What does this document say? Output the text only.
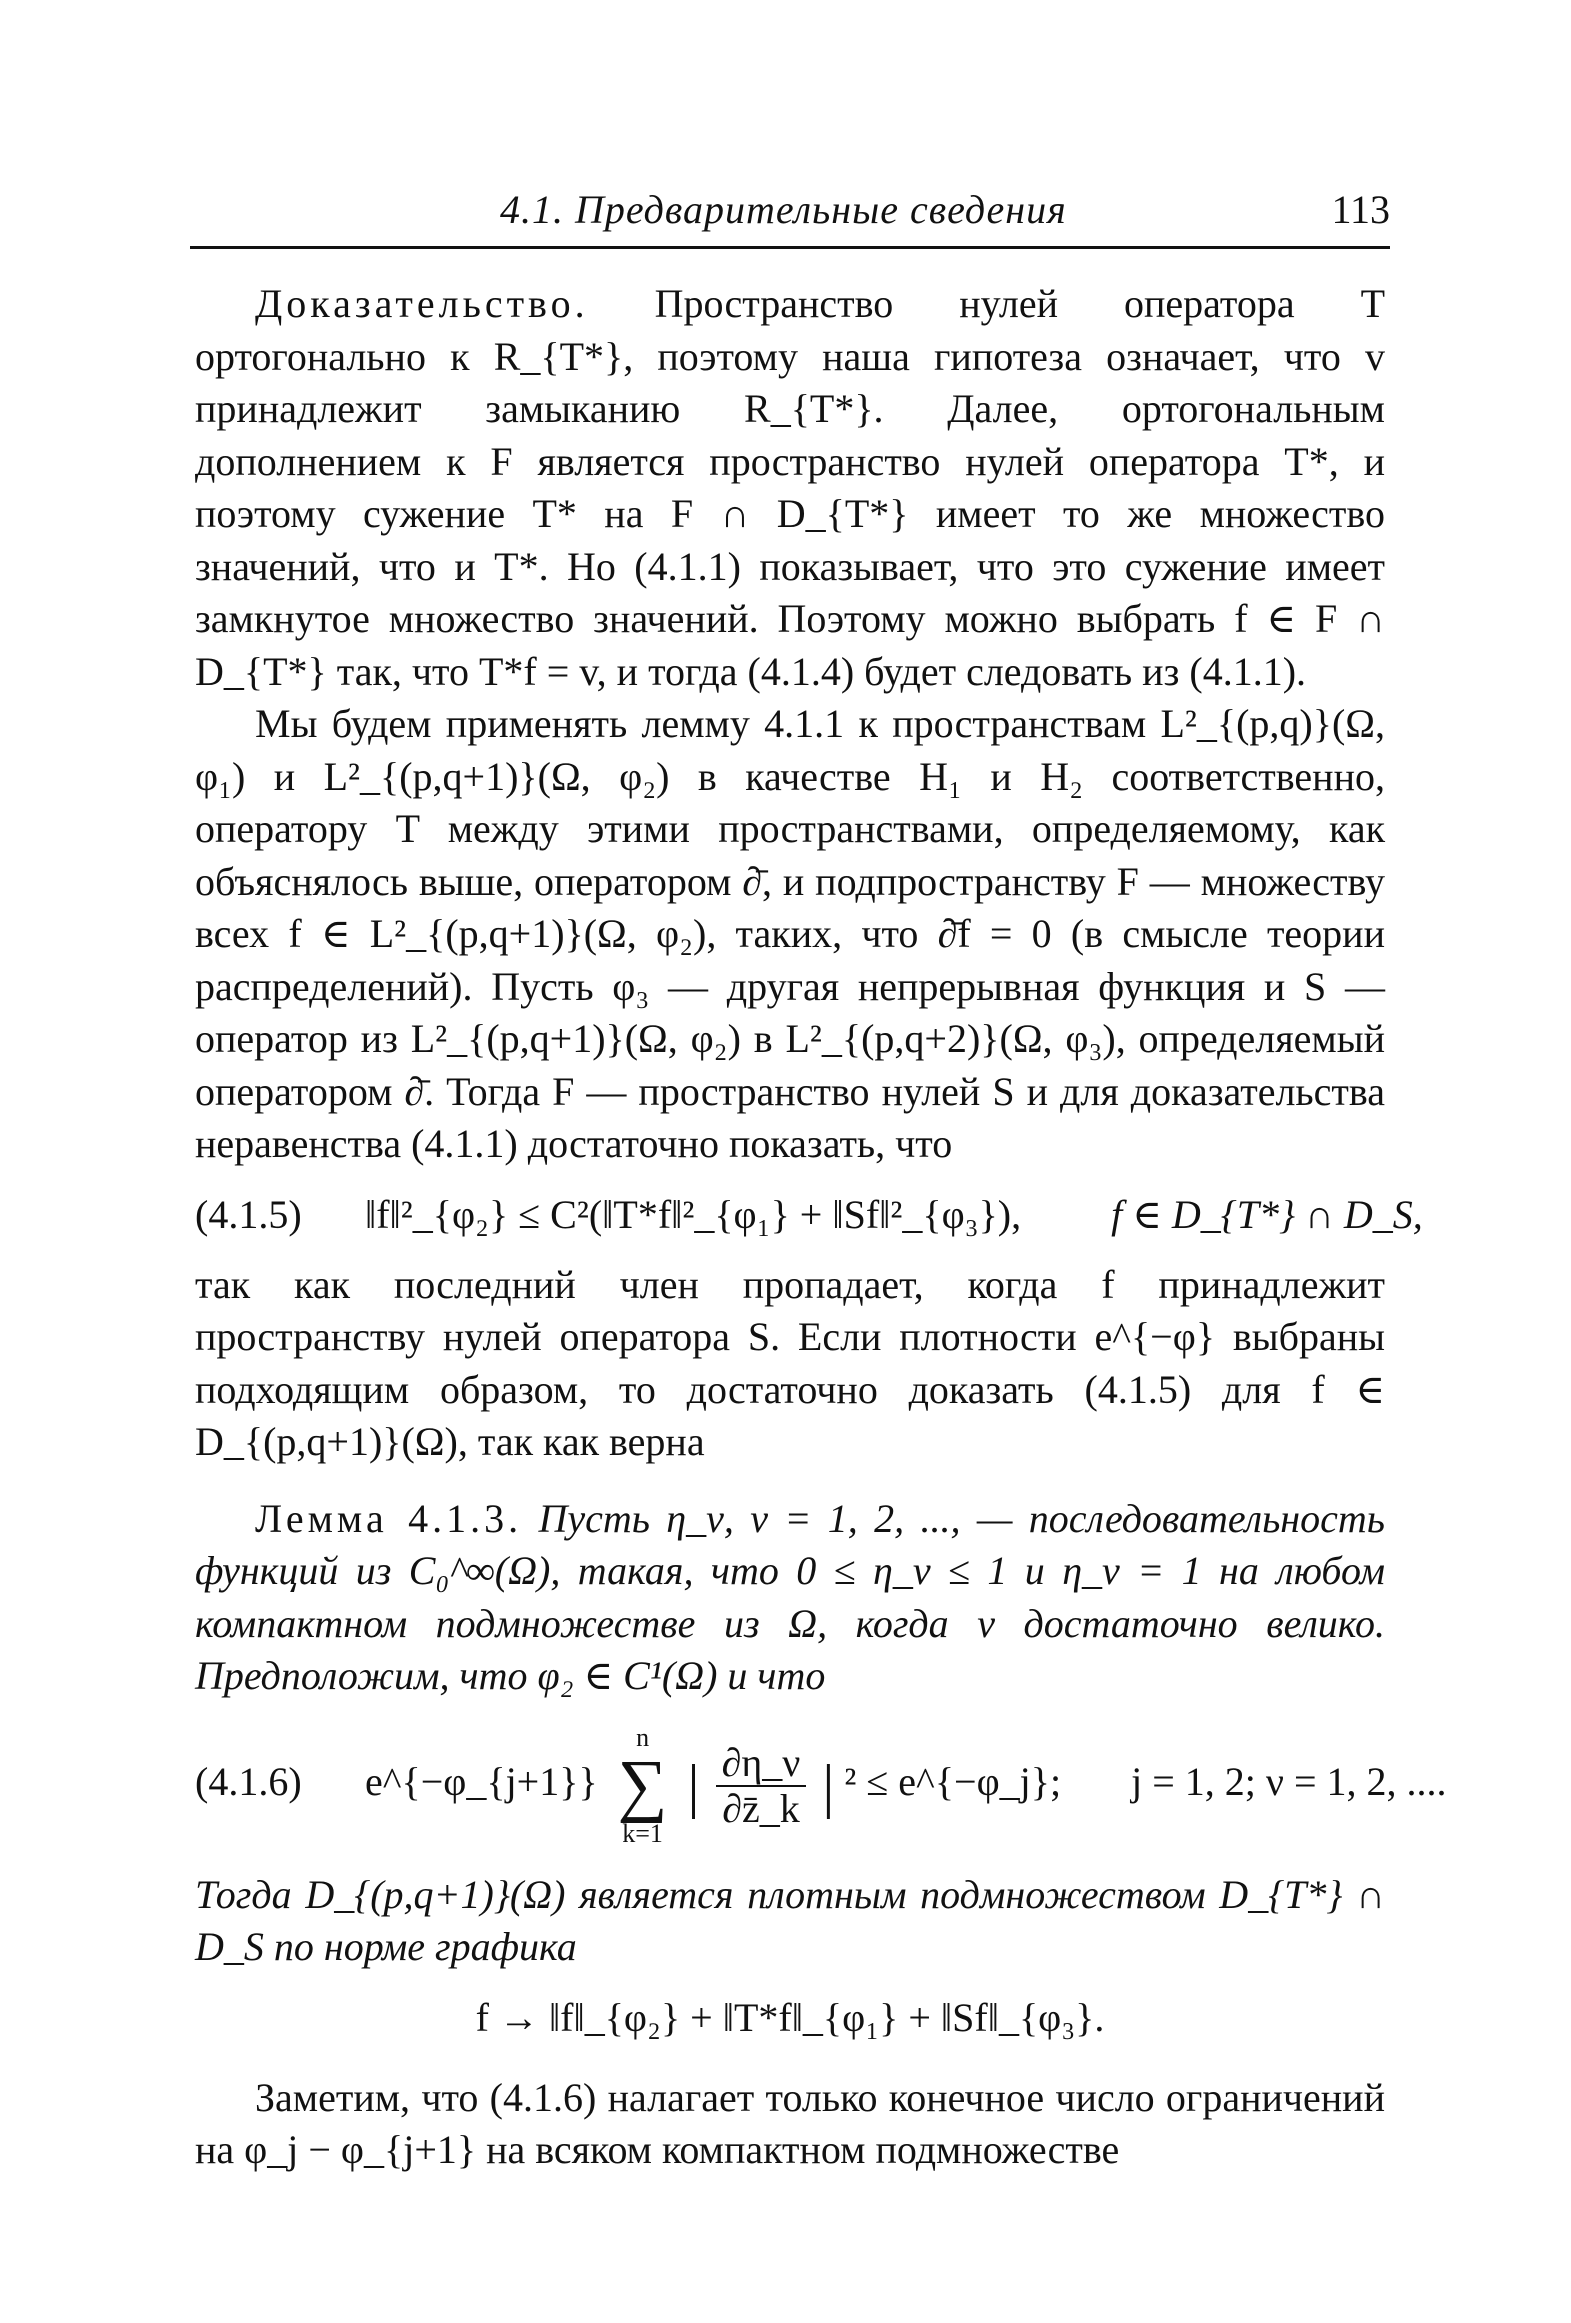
4.1. Предварительные сведения	113

Доказательство. Пространство нулей оператора T ортогонально к R_{T*}, поэтому наша гипотеза означает, что v принадлежит замыканию R_{T*}. Далее, ортогональным дополнением к F является пространство нулей оператора T*, и поэтому сужение T* на F ∩ D_{T*} имеет то же множество значений, что и T*. Но (4.1.1) показывает, что это сужение имеет замкнутое множество значений. Поэтому можно выбрать f ∈ F ∩ D_{T*} так, что T*f = v, и тогда (4.1.4) будет следовать из (4.1.1).

Мы будем применять лемму 4.1.1 к пространствам L²_{(p,q)}(Ω, φ₁) и L²_{(p,q+1)}(Ω, φ₂) в качестве H₁ и H₂ соответственно, оператору T между этими пространствами, определяемому, как объяснялось выше, оператором ∂̄, и подпространству F — множеству всех f ∈ L²_{(p,q+1)}(Ω, φ₂), таких, что ∂̄f = 0 (в смысле теории распределений). Пусть φ₃ — другая непрерывная функция и S — оператор из L²_{(p,q+1)}(Ω, φ₂) в L²_{(p,q+2)}(Ω, φ₃), определяемый оператором ∂̄. Тогда F — пространство нулей S и для доказательства неравенства (4.1.1) достаточно показать, что

(4.1.5) ‖f‖²_{φ₂} ≤ C²(‖T*f‖²_{φ₁} + ‖Sf‖²_{φ₃}), f ∈ D_{T*} ∩ D_S,

так как последний член пропадает, когда f принадлежит пространству нулей оператора S. Если плотности e^{−φ} выбраны подходящим образом, то достаточно доказать (4.1.5) для f ∈ D_{(p,q+1)}(Ω), так как верна

Лемма 4.1.3. Пусть η_ν, ν = 1, 2, ..., — последовательность функций из C₀^∞(Ω), такая, что 0 ≤ η_ν ≤ 1 и η_ν = 1 на любом компактном подмножестве из Ω, когда ν достаточно велико. Предположим, что φ₂ ∈ C¹(Ω) и что

(4.1.6) e^{−φ_{j+1}}
n
∑
k=1
| $\frac{\partial\eta\_\nu}{\partial z̄\_k}$ | ² ≤ e^{−φ_j}; j = 1, 2; ν = 1, 2, ....

Тогда D_{(p,q+1)}(Ω) является плотным подмножеством D_{T*} ∩ D_S по норме графика

f → ‖f‖_{φ₂} + ‖T*f‖_{φ₁} + ‖Sf‖_{φ₃}.

Заметим, что (4.1.6) налагает только конечное число ограничений на φ_j − φ_{j+1} на всяком компактном подмножестве
